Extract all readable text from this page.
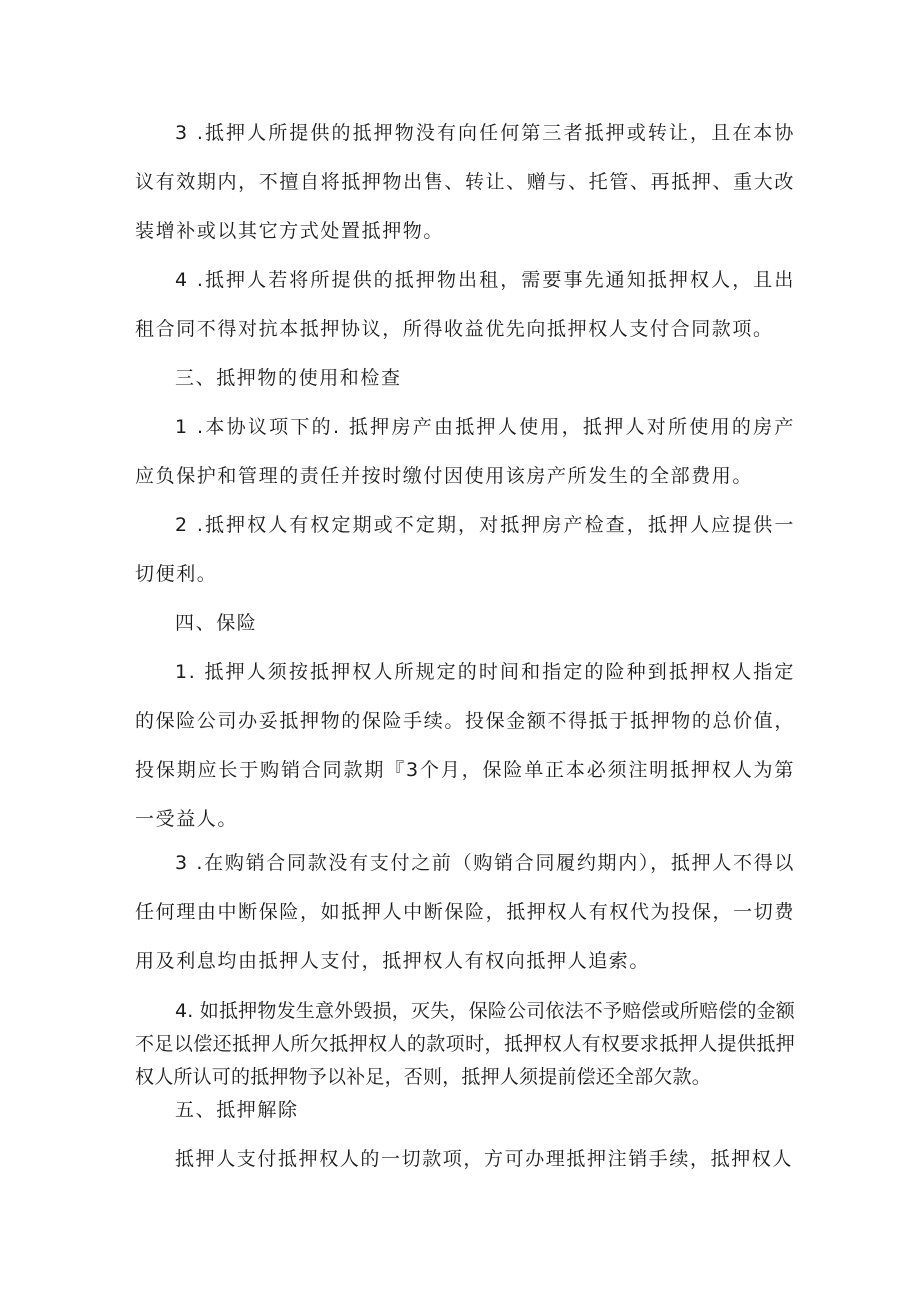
3 .抵押人所提供的抵押物没有向任何第三者抵押或转让，且在本协议有效期内，不擅自将抵押物出售、转让、赠与、托管、再抵押、重大改装增补或以其它方式处置抵押物。

4 .抵押人若将所提供的抵押物出租，需要事先通知抵押权人，且出租合同不得对抗本抵押协议，所得收益优先向抵押权人支付合同款项。

三、抵押物的使用和检查

1 .本协议项下的. 抵押房产由抵押人使用，抵押人对所使用的房产应负保护和管理的责任并按时缴付因使用该房产所发生的全部费用。

2 .抵押权人有权定期或不定期，对抵押房产检查，抵押人应提供一切便利。

四、保险

1. 抵押人须按抵押权人所规定的时间和指定的险种到抵押权人指定的保险公司办妥抵押物的保险手续。投保金额不得抵于抵押物的总价值，投保期应长于购销合同款期『3个月，保险单正本必须注明抵押权人为第一受益人。

3 .在购销合同款没有支付之前（购销合同履约期内），抵押人不得以任何理由中断保险，如抵押人中断保险，抵押权人有权代为投保，一切费用及利息均由抵押人支付，抵押权人有权向抵押人追索。

4. 如抵押物发生意外毁损，灭失，保险公司依法不予赔偿或所赔偿的金额不足以偿还抵押人所欠抵押权人的款项时，抵押权人有权要求抵押人提供抵押权人所认可的抵押物予以补足，否则，抵押人须提前偿还全部欠款。

五、抵押解除

抵押人支付抵押权人的一切款项，方可办理抵押注销手续，抵押权人
